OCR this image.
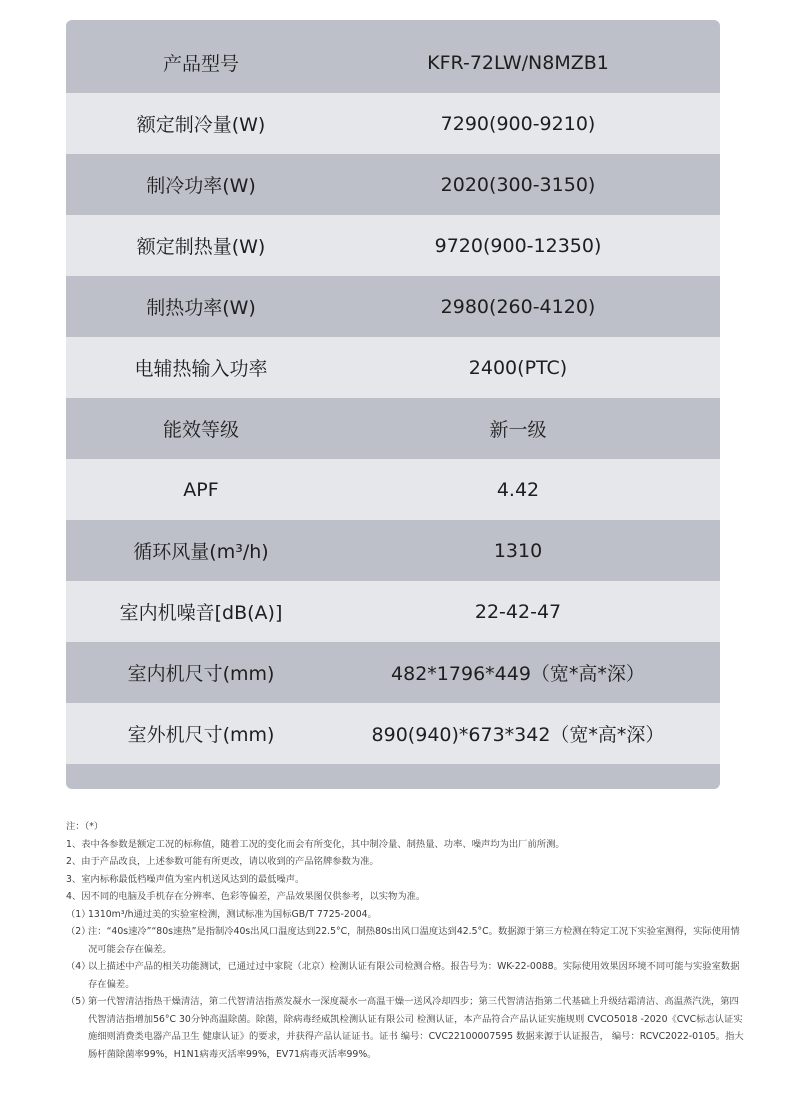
产品型号	KFR-72LW/N8MZB1
额定制冷量(W)	7290(900-9210)
制冷功率(W)	2020(300-3150)
额定制热量(W)	9720(900-12350)
制热功率(W)	2980(260-4120)
电辅热输入功率	2400(PTC)
能效等级	新一级
APF	4.42
循环风量(m³/h)	1310
室内机噪音[dB(A)]	22-42-47
室内机尺寸(mm)	482*1796*449（宽*高*深）
室外机尺寸(mm)	890(940)*673*342（宽*高*深）
注：（*）
1、 表中各参数是额定工况的标称值，随着工况的变化而会有所变化，其中制冷量、制热量、功率、噪声均为出厂前所测。
2、 由于产品改良，上述参数可能有所更改，请以收到的产品铭牌参数为准。
3、 室内标称最低档噪声值为室内机送风达到的最低噪声。
4、 因不同的电脑及手机存在分辨率、色彩等偏差，产品效果图仅供参考，以实物为准。
（1）
1310m³/h通过美的实验室检测，测试标准为国标GB/T 7725-2004。
（2）
注：“40s速冷”“80s速热”是指制冷40s出风口温度达到22.5°C，制热80s出风口温度达到42.5°C。数据源于第三方检测在特定工况下实验室测得，实际使用情况可能会存在偏差。
（4）
以上描述中产品的相关功能测试，已通过过中家院（北京）检测认证有限公司检测合格。报告号为：WK-22-0088。实际使用效果因环境不同可能与实验室数据存在偏差。
（5）
第一代智清洁指热干燥清洁，第二代智清洁指蒸发凝水一深度凝水一高温干燥一送风冷却四步；第三代智清洁指第二代基础上升级结霜清洁、高温蒸汽洗，第四代智清洁指增加56°C 30分钟高温除菌。除菌，除病毒经威凯检测认证有限公司 检测认证，本产品符合产品认证实施规则 CVCO5018 -2020《CVC标志认证实施细则消费类电器产品卫生 健康认证》的要求，并获得产品认证证书。证书 编号：CVC22100007595 数据来源于认证报告， 编号：RCVC2022-0105。指大肠杆菌除菌率99%，H1N1病毒灭活率99%，EV71病毒灭活率99%。
